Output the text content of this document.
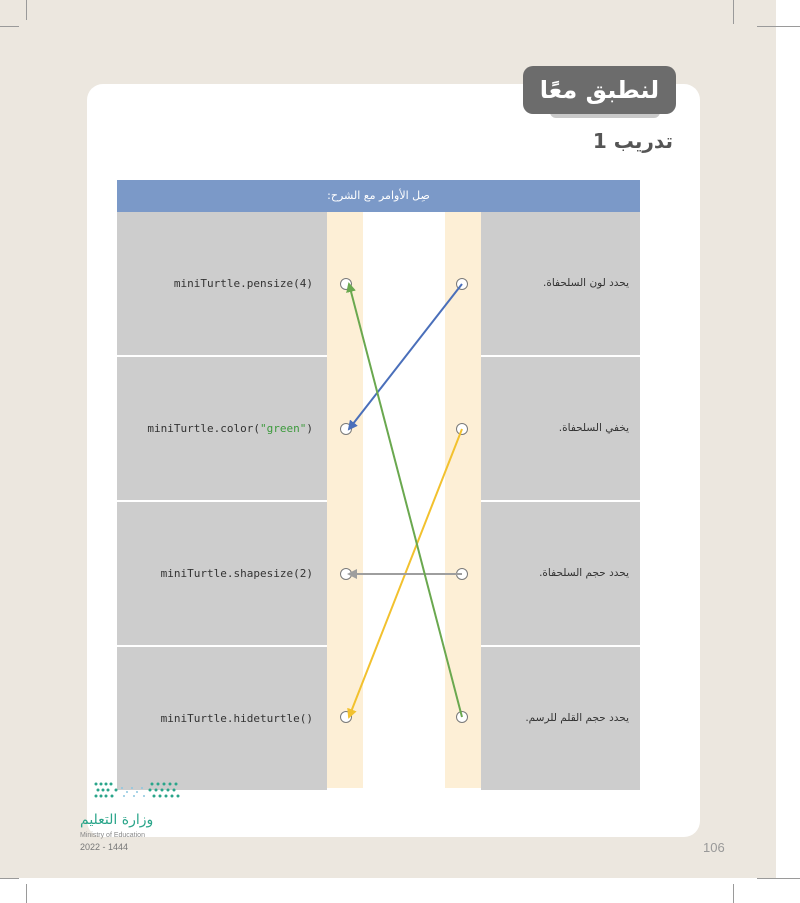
لنطبق معًا
تدريب 1
صِل الأوامر مع الشرح:
miniTurtle.pensize(4)
miniTurtle.color("green")
miniTurtle.shapesize(2)
miniTurtle.hideturtle()
يحدد لون السلحفاة.
يخفي السلحفاة.
يحدد حجم السلحفاة.
يحدد حجم القلم للرسم.
وزارة التعليم
Ministry of Education
2022 - 1444	106
